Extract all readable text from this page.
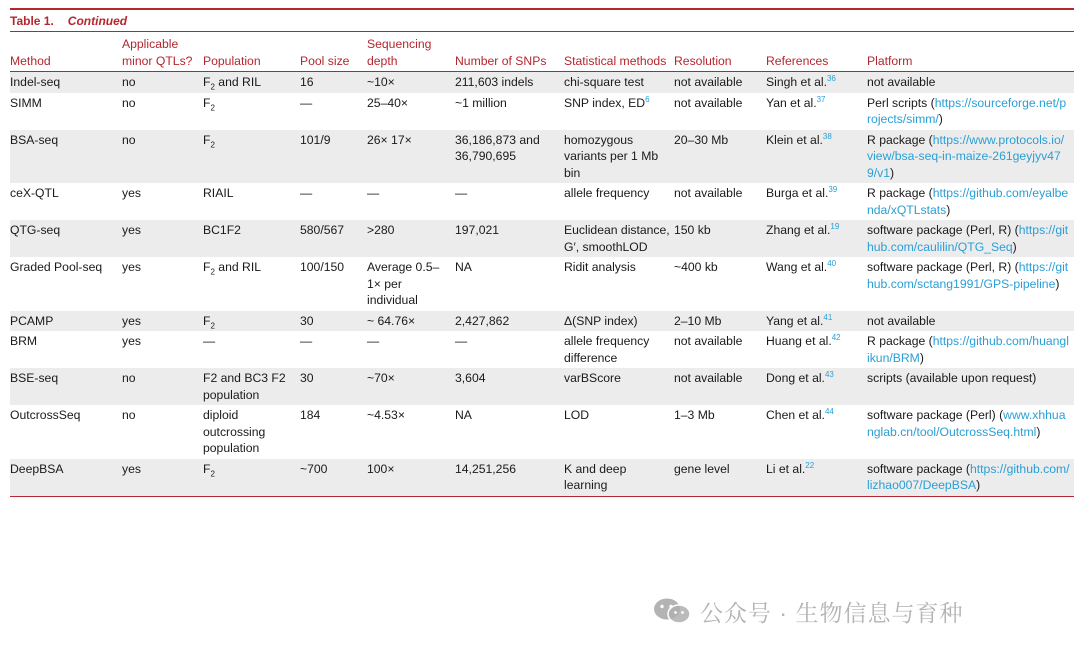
Table 1. Continued
Method	Applicable minor QTLs?	Population	Pool size	Sequencing depth	Number of SNPs	Statistical methods	Resolution	References	Platform
Indel-seq	no	$F_2$ and RIL	16	~10×	211,603 indels	chi-square test	not available	Singh et al.$^{36}$	not available
SIMM	no	$F_2$	—	25–40×	~1 million	SNP index, $ED^6$	not available	Yan et al.$^{37}$	Perl scripts (https://sourceforge.net/projects/simm/)
BSA-seq	no	$F_2$	101/9	26× 17×	36,186,873 and 36,790,695	homozygous variants per 1 Mb bin	20–30 Mb	Klein et al.$^{38}$	R package (https://www.protocols.io/view/bsa-seq-in-maize-261geyjyv479/v1)
ceX-QTL	yes	RIAIL	—	—	—	allele frequency	not available	Burga et al.$^{39}$	R package (https://github.com/eyalbenda/xQTLstats)
QTG-seq	yes	BC1F2	580/567	>280	197,021	Euclidean distance, G′, smoothLOD	150 kb	Zhang et al.$^{19}$	software package (Perl, R) (https://github.com/caulilin/QTG_Seq)
Graded Pool-seq	yes	$F_2$ and RIL	100/150	Average 0.5–1× per individual	NA	Ridit analysis	~400 kb	Wang et al.$^{40}$	software package (Perl, R) (https://github.com/sctang1991/GPS-pipeline)
PCAMP	yes	$F_2$	30	~ 64.76×	2,427,862	Δ(SNP index)	2–10 Mb	Yang et al.$^{41}$	not available
BRM	yes	—	—	—	—	allele frequency difference	not available	Huang et al.$^{42}$	R package (https://github.com/huanglikun/BRM)
BSE-seq	no	F2 and BC3 F2 population	30	~70×	3,604	varBScore	not available	Dong et al.$^{43}$	scripts (available upon request)
OutcrossSeq	no	diploid outcrossing population	184	~4.53×	NA	LOD	1–3 Mb	Chen et al.$^{44}$	software package (Perl) (www.xhhuanglab.cn/tool/OutcrossSeq.html)
DeepBSA	yes	$F_2$	~700	100×	14,251,256	K and deep learning	gene level	Li et al.$^{22}$	software package (https://github.com/lizhao007/DeepBSA)
公众号 · 生物信息与育种
